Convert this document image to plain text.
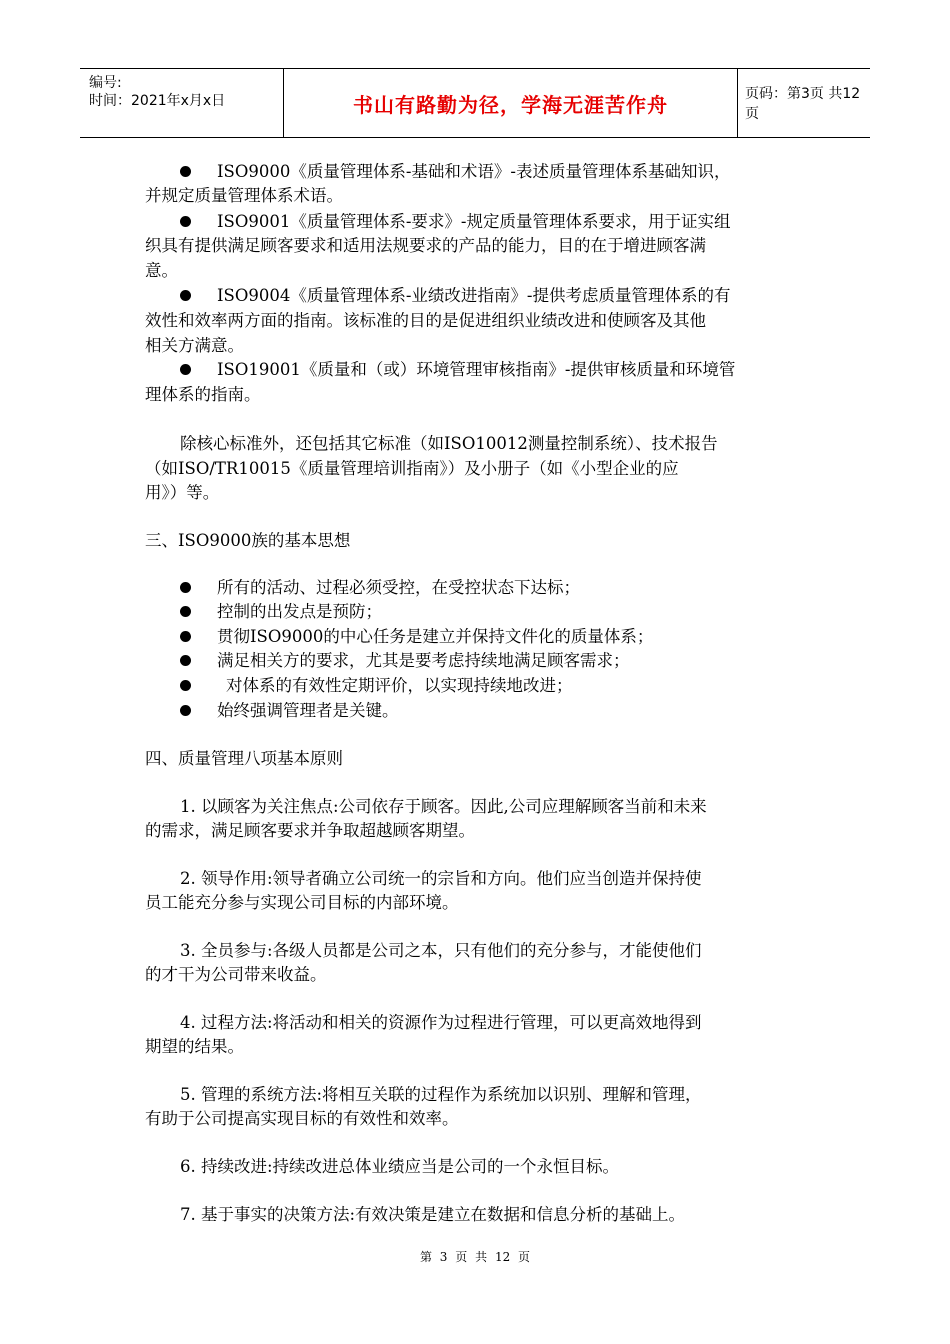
编号:
时间：2021年x月x日	书山有路勤为径，学海无涯苦作舟	页码：第3页 共12页
ISO9000《质量管理体系-基础和术语》-表述质量管理体系基础知识，
并规定质量管理体系术语。
ISO9001《质量管理体系-要求》-规定质量管理体系要求，用于证实组
织具有提供满足顾客要求和适用法规要求的产品的能力，目的在于增进顾客满
意。
ISO9004《质量管理体系-业绩改进指南》-提供考虑质量管理体系的有
效性和效率两方面的指南。该标准的目的是促进组织业绩改进和使顾客及其他
相关方满意。
ISO19001《质量和（或）环境管理审核指南》-提供审核质量和环境管
理体系的指南。
除核心标准外，还包括其它标准（如ISO10012测量控制系统）、技术报告
（如ISO/TR10015《质量管理培训指南》）及小册子（如《小型企业的应
用》）等。
三、ISO9000族的基本思想
所有的活动、过程必须受控，在受控状态下达标；
控制的出发点是预防；
贯彻ISO9000的中心任务是建立并保持文件化的质量体系；
满足相关方的要求，尤其是要考虑持续地满足顾客需求；
对体系的有效性定期评价，以实现持续地改进；
始终强调管理者是关键。
四、质量管理八项基本原则
1. 以顾客为关注焦点:公司依存于顾客。因此,公司应理解顾客当前和未来
的需求，满足顾客要求并争取超越顾客期望。
2. 领导作用:领导者确立公司统一的宗旨和方向。他们应当创造并保持使
员工能充分参与实现公司目标的内部环境。
3. 全员参与:各级人员都是公司之本，只有他们的充分参与，才能使他们
的才干为公司带来收益。
4. 过程方法:将活动和相关的资源作为过程进行管理，可以更高效地得到
期望的结果。
5. 管理的系统方法:将相互关联的过程作为系统加以识别、理解和管理，
有助于公司提高实现目标的有效性和效率。
6. 持续改进:持续改进总体业绩应当是公司的一个永恒目标。
7. 基于事实的决策方法:有效决策是建立在数据和信息分析的基础上。
第 3 页 共 12 页
